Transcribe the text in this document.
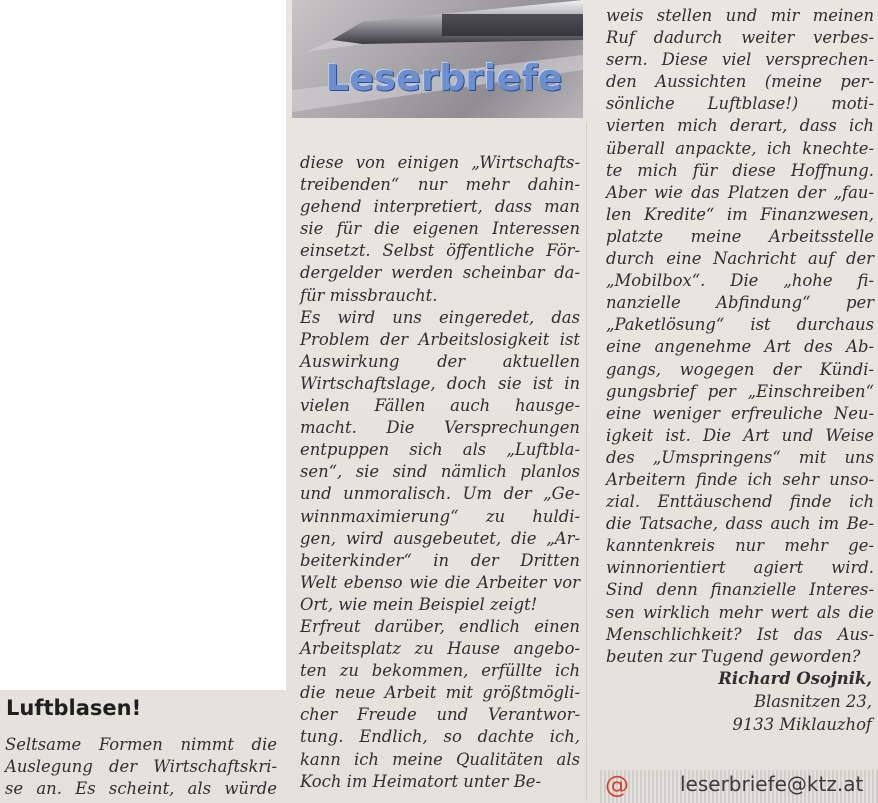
Leserbriefe
Luftblasen!
Seltsame Formen nimmt die
Auslegung der Wirtschaftskri-
se an. Es scheint, als würde
diese von einigen „Wirtschafts-
treibenden“ nur mehr dahin-
gehend interpretiert, dass man
sie für die eigenen Interessen
einsetzt. Selbst öffentliche För-
dergelder werden scheinbar da-
für missbraucht.
Es wird uns eingeredet, das
Problem der Arbeitslosigkeit ist
Auswirkung der aktuellen
Wirtschaftslage, doch sie ist in
vielen Fällen auch hausge-
macht. Die Versprechungen
entpuppen sich als „Luftbla-
sen“, sie sind nämlich planlos
und unmoralisch. Um der „Ge-
winnmaximierung“ zu huldi-
gen, wird ausgebeutet, die „Ar-
beiterkinder“ in der Dritten
Welt ebenso wie die Arbeiter vor
Ort, wie mein Beispiel zeigt!
Erfreut darüber, endlich einen
Arbeitsplatz zu Hause angebo-
ten zu bekommen, erfüllte ich
die neue Arbeit mit größtmögli-
cher Freude und Verantwor-
tung. Endlich, so dachte ich,
kann ich meine Qualitäten als
Koch im Heimatort unter Be-
weis stellen und mir meinen
Ruf dadurch weiter verbes-
sern. Diese viel versprechen-
den Aussichten (meine per-
sönliche Luftblase!) moti-
vierten mich derart, dass ich
überall anpackte, ich knechte-
te mich für diese Hoffnung.
Aber wie das Platzen der „fau-
len Kredite“ im Finanzwesen,
platzte meine Arbeitsstelle
durch eine Nachricht auf der
„Mobilbox“. Die „hohe fi-
nanzielle Abfindung“ per
„Paketlösung“ ist durchaus
eine angenehme Art des Ab-
gangs, wogegen der Kündi-
gungsbrief per „Einschreiben“
eine weniger erfreuliche Neu-
igkeit ist. Die Art und Weise
des „Umspringens“ mit uns
Arbeitern finde ich sehr unso-
zial. Enttäuschend finde ich
die Tatsache, dass auch im Be-
kanntenkreis nur mehr ge-
winnorientiert agiert wird.
Sind denn finanzielle Interes-
sen wirklich mehr wert als die
Menschlichkeit? Ist das Aus-
beuten zur Tugend geworden?
Richard Osojnik,
Blasnitzen 23,
9133 Miklauzhof
@	leserbriefe@ktz.at
